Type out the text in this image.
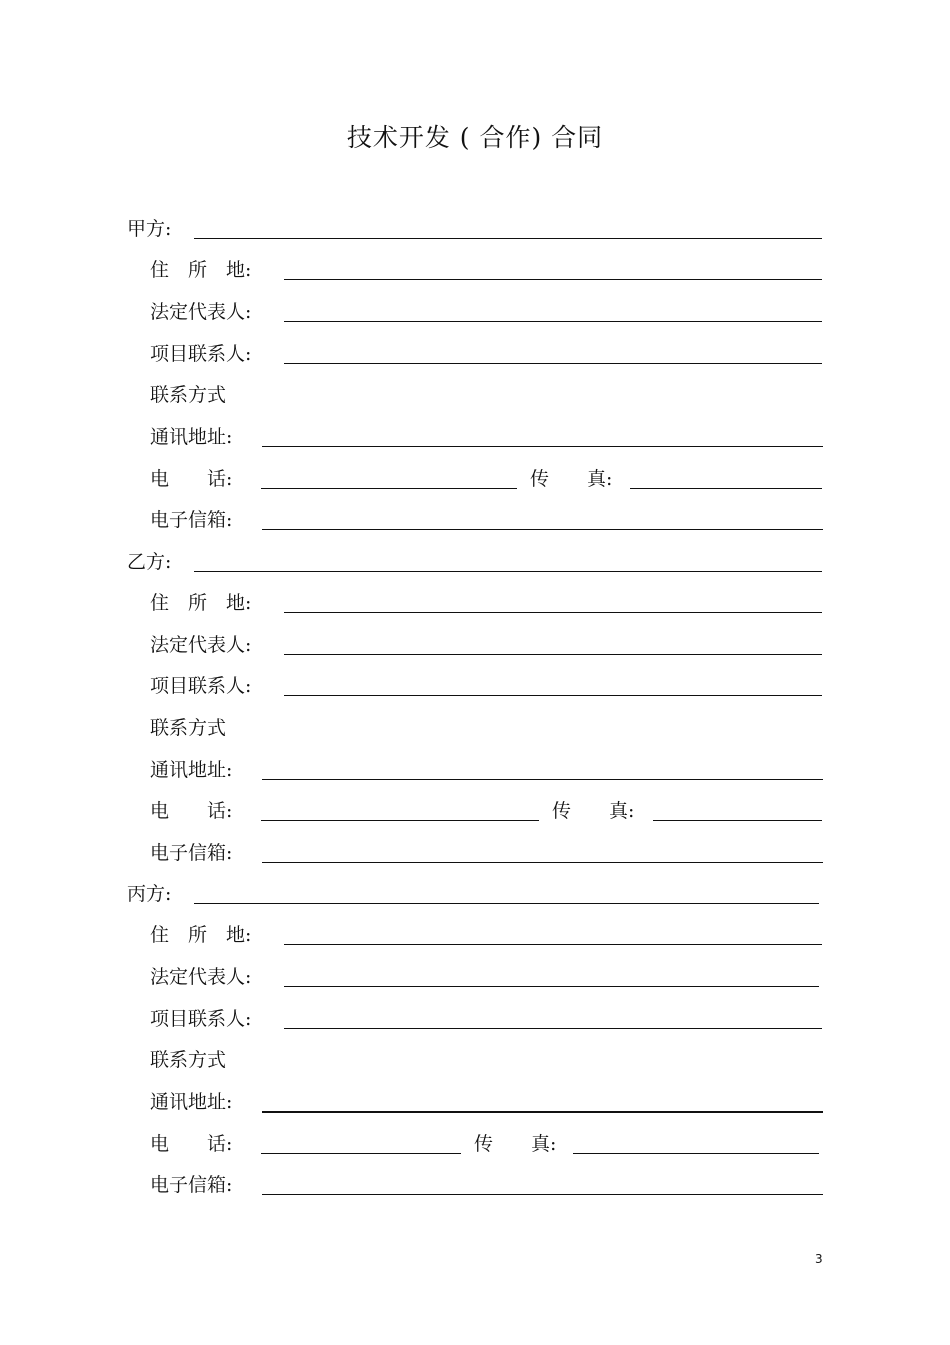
技术开发 ( 合作) 合同
甲方:
住　所　地:
法定代表人:
项目联系人:
联系方式
通讯地址:
电　　话:	传　　真:
电子信箱:
乙方:
住　所　地:
法定代表人:
项目联系人:
联系方式
通讯地址:
电　　话:	传　　真:
电子信箱:
丙方:
住　所　地:
法定代表人:
项目联系人:
联系方式
通讯地址:
电　　话:	传　　真:
电子信箱:
3
